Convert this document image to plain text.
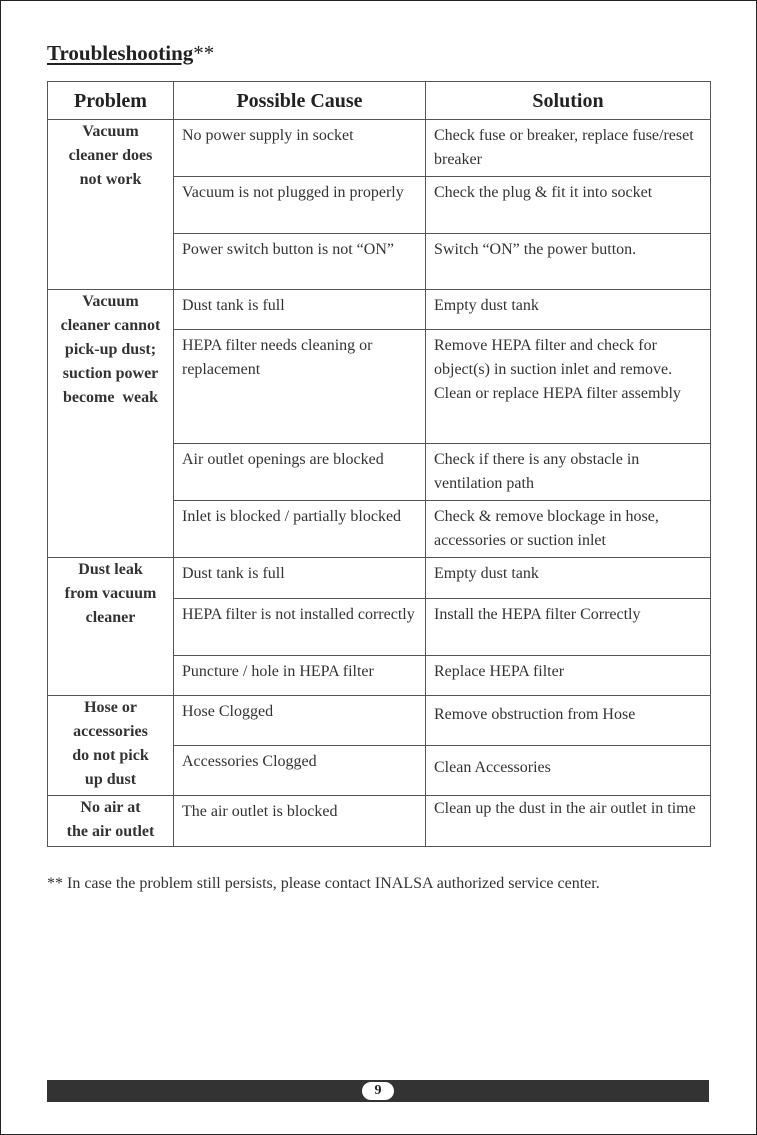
Troubleshooting**
Problem	Possible Cause	Solution

Vacuum
cleaner does
not work	No power supply in socket	Check fuse or breaker, replace fuse/reset breaker
	Vacuum is not plugged in properly	Check the plug & fit it into socket
	Power switch button is not “ON”	Switch “ON” the power button.

Vacuum
cleaner cannot
pick-up dust;
suction power
become  weak	Dust tank is full	Empty dust tank
	HEPA filter needs cleaning or replacement	Remove HEPA filter and check for object(s) in suction inlet and remove. Clean or replace HEPA filter assembly
	Air outlet openings are blocked	Check if there is any obstacle in ventilation path
	Inlet is blocked / partially blocked	Check & remove blockage in hose, accessories or suction inlet

Dust leak
from vacuum
cleaner	Dust tank is full	Empty dust tank
	HEPA filter is not installed correctly	Install the HEPA filter Correctly
	Puncture / hole in HEPA filter	Replace HEPA filter

Hose or
accessories
do not pick
up dust	Hose Clogged	Remove obstruction from Hose
	Accessories Clogged	Clean Accessories

No air at
the air outlet	The air outlet is blocked	Clean up the dust in the air outlet in time
** In case the problem still persists, please contact INALSA authorized service center.
9
